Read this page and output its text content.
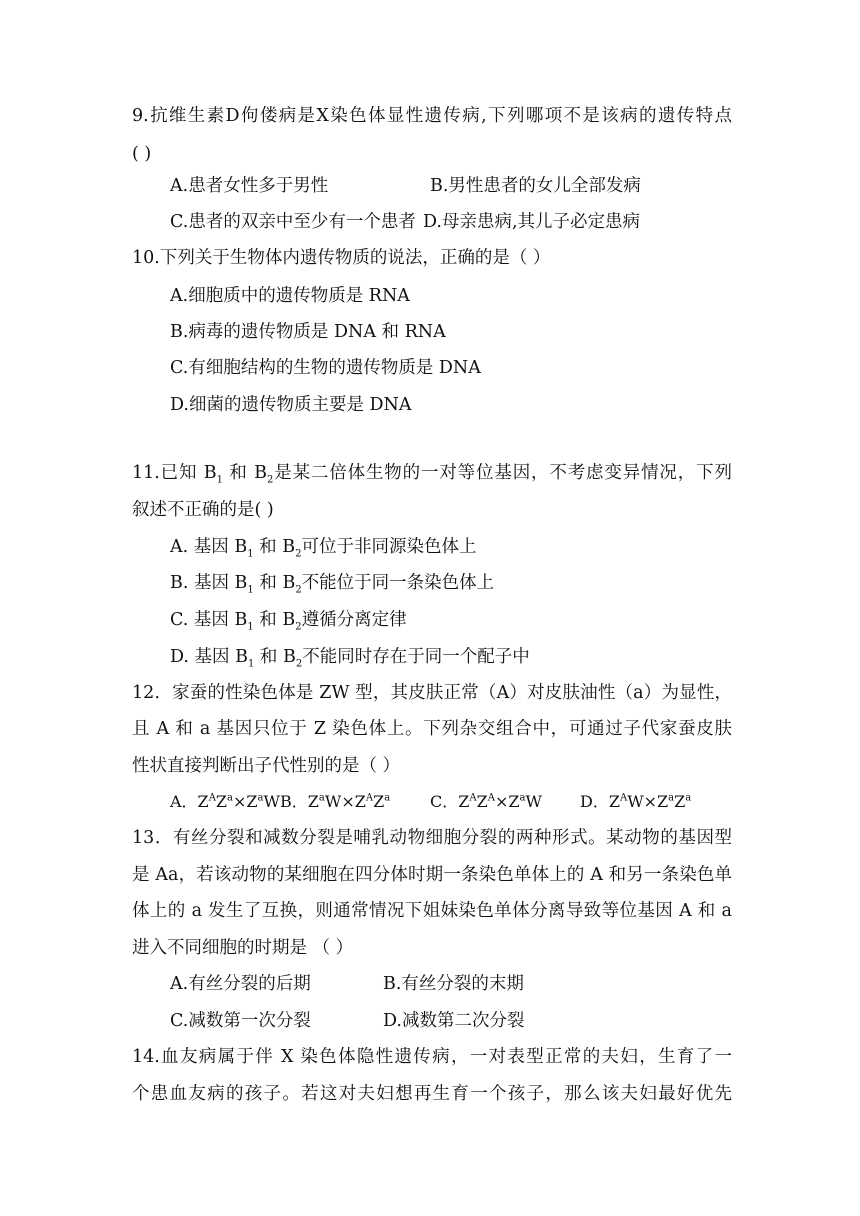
9.抗维生素D佝偻病是X染色体显性遗传病,下列哪项不是该病的遗传特点
( )
A.患者女性多于男性	B.男性患者的女儿全部发病
C.患者的双亲中至少有一个患者 D.母亲患病,其儿子必定患病
10.下列关于生物体内遗传物质的说法，正确的是（ ）
A.细胞质中的遗传物质是 RNA
B.病毒的遗传物质是 DNA 和 RNA
C.有细胞结构的生物的遗传物质是 DNA
D.细菌的遗传物质主要是 DNA
11.已知 $B_1$ 和 $B_2$是某二倍体生物的一对等位基因，不考虑变异情况，下列
叙述不正确的是( )
A. 基因 $B_1$ 和 $B_2$可位于非同源染色体上
B. 基因 $B_1$ 和 $B_2$不能位于同一条染色体上
C. 基因 $B_1$ 和 $B_2$遵循分离定律
D. 基因 $B_1$ 和 $B_2$不能同时存在于同一个配子中
12．家蚕的性染色体是 ZW 型，其皮肤正常（A）对皮肤油性（a）为显性，
且 A 和 a 基因只位于 Z 染色体上。下列杂交组合中，可通过子代家蚕皮肤
性状直接判断出子代性别的是（ ）
A．$Z^AZ^a\times Z^aW$ B．$Z^aW\times Z^AZ^a$ C．$Z^AZ^A\times Z^aW$ D．$Z^AW\times Z^aZ^a$
13．有丝分裂和减数分裂是哺乳动物细胞分裂的两种形式。某动物的基因型
是 Aa，若该动物的某细胞在四分体时期一条染色单体上的 A 和另一条染色单
体上的 a 发生了互换，则通常情况下姐妹染色单体分离导致等位基因 A 和 a
进入不同细胞的时期是 （ ）
A.有丝分裂的后期	B.有丝分裂的末期
C.减数第一次分裂	D.减数第二次分裂
14.血友病属于伴 X 染色体隐性遗传病，一对表型正常的夫妇，生育了一
个患血友病的孩子。若这对夫妇想再生育一个孩子，那么该夫妇最好优先
